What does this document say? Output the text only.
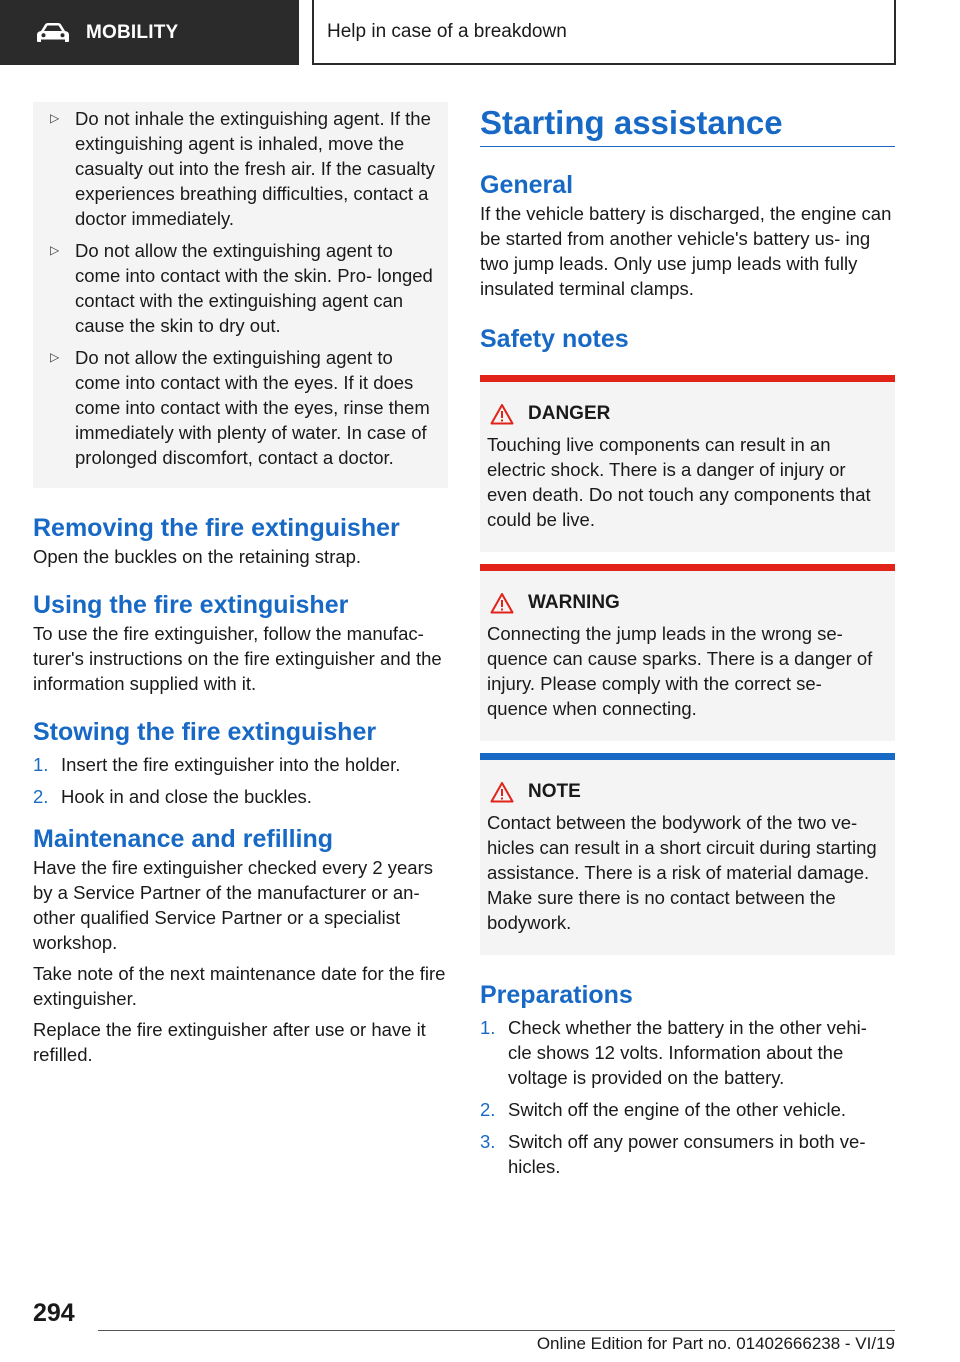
MOBILITY	Help in case of a breakdown
▷ Do not inhale the extinguishing agent. If the extinguishing agent is inhaled, move the casualty out into the fresh air. If the casualty experiences breathing difficulties, contact a doctor immediately.
▷ Do not allow the extinguishing agent to come into contact with the skin. Pro‐ longed contact with the extinguishing agent can cause the skin to dry out.
▷ Do not allow the extinguishing agent to come into contact with the eyes. If it does come into contact with the eyes, rinse them immediately with plenty of water. In case of prolonged discomfort, contact a doctor.
Removing the fire extinguisher

Open the buckles on the retaining strap.

Using the fire extinguisher

To use the fire extinguisher, follow the manufac‐ turer's instructions on the fire extinguisher and the information supplied with it.

Stowing the fire extinguisher
1. Insert the fire extinguisher into the holder.
2. Hook in and close the buckles.
Maintenance and refilling

Have the fire extinguisher checked every 2 years by a Service Partner of the manufacturer or an‐ other qualified Service Partner or a specialist workshop.

Take note of the next maintenance date for the fire extinguisher.

Replace the fire extinguisher after use or have it refilled.

Starting assistance
General

If the vehicle battery is discharged, the engine can be started from another vehicle's battery us‐ ing two jump leads. Only use jump leads with fully insulated terminal clamps.

Safety notes
DANGER

Touching live components can result in an electric shock. There is a danger of injury or even death. Do not touch any components that could be live.

WARNING

Connecting the jump leads in the wrong se‐ quence can cause sparks. There is a danger of injury. Please comply with the correct se‐ quence when connecting.

NOTE

Contact between the bodywork of the two ve‐ hicles can result in a short circuit during starting assistance. There is a risk of material damage. Make sure there is no contact between the bodywork.

Preparations
1. Check whether the battery in the other vehi‐ cle shows 12 volts. Information about the voltage is provided on the battery.
2. Switch off the engine of the other vehicle.
3. Switch off any power consumers in both ve‐ hicles.
294
Online Edition for Part no. 01402666238 - VI/19
